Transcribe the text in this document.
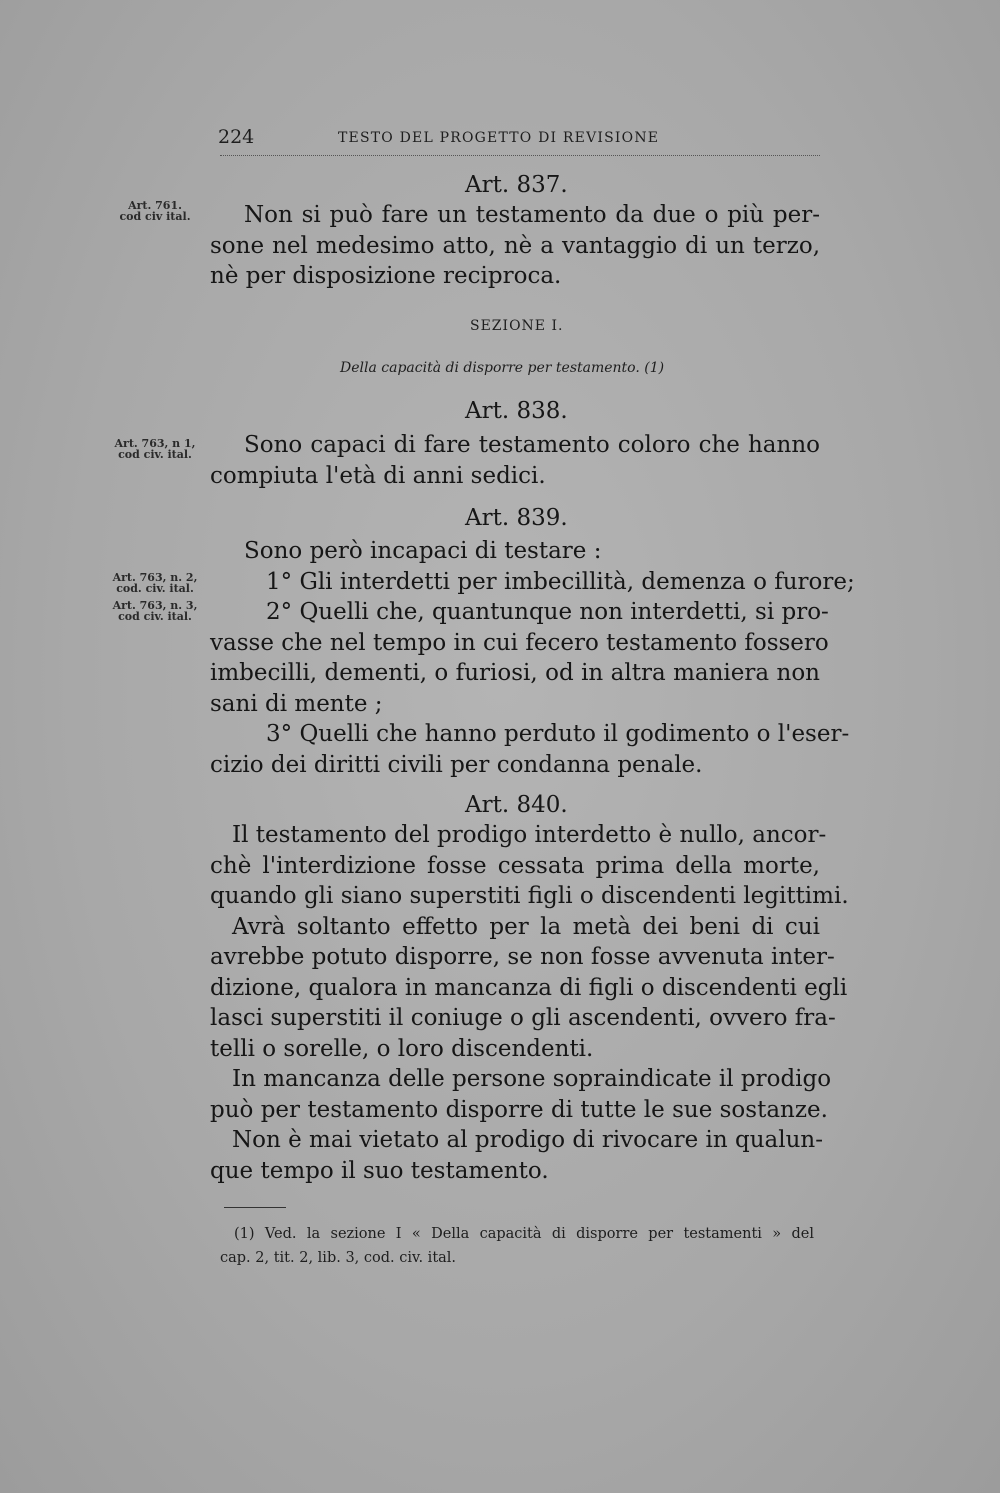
224	TESTO DEL PROGETTO DI REVISIONE
Art. 761.
cod civ ital.
Art. 763, n 1,
cod civ. ital.
Art. 763, n. 2,
cod. civ. ital.
Art. 763, n. 3,
cod civ. ital.
Art. 837.
Non si può fare un testamento da due o più per-
sone nel medesimo atto, nè a vantaggio di un terzo,
nè per disposizione reciproca.
SEZIONE I.
Della capacità di disporre per testamento. (1)
Art. 838.
Sono capaci di fare testamento coloro che hanno
compiuta l'età di anni sedici.
Art. 839.
Sono però incapaci di testare :
1° Gli interdetti per imbecillità, demenza o furore;
2° Quelli che, quantunque non interdetti, si pro-
vasse che nel tempo in cui fecero testamento fossero
imbecilli, dementi, o furiosi, od in altra maniera non
sani di mente ;
3° Quelli che hanno perduto il godimento o l'eser-
cizio dei diritti civili per condanna penale.
Art. 840.
Il testamento del prodigo interdetto è nullo, ancor-
chè l'interdizione fosse cessata prima della morte,
quando gli siano superstiti figli o discendenti legittimi.
Avrà soltanto effetto per la metà dei beni di cui
avrebbe potuto disporre, se non fosse avvenuta inter-
dizione, qualora in mancanza di figli o discendenti egli
lasci superstiti il coniuge o gli ascendenti, ovvero fra-
telli o sorelle, o loro discendenti.
In mancanza delle persone sopraindicate il prodigo
può per testamento disporre di tutte le sue sostanze.
Non è mai vietato al prodigo di rivocare in qualun-
que tempo il suo testamento.
(1) Ved. la sezione I « Della capacità di disporre per testamenti » del
cap. 2, tit. 2, lib. 3, cod. civ. ital.
